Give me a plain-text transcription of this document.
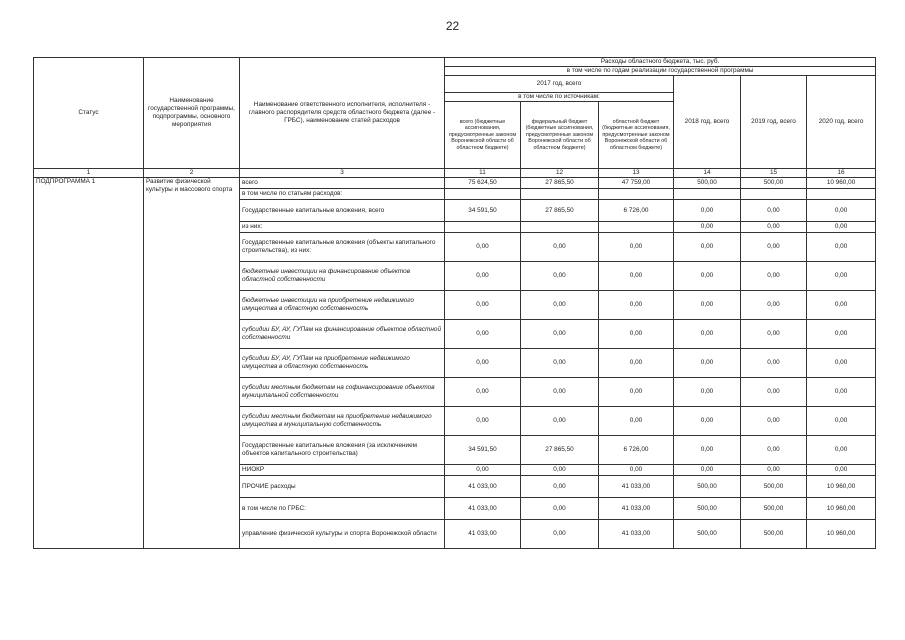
22
Статус	Наименование государственной программы, подпрограммы, основного мероприятия	Наименование ответственного исполнителя, исполнителя - главного распорядителя средств областного бюджета (далее - ГРБС), наименование статей расходов	Расходы областного бюджета, тыс. руб.					
			в том числе по годам реализации государственной программы					
			2017 год, всего			2018 год, всего	2019 год, всего	2020 год, всего
			в том числе по источникам:					
			всего (бюджетные ассигнования, предусмотренные законом Воронежской области об областном бюджете)	федеральный бюджет (бюджетные ассигнования, предусмотренные законом Воронежской области об областном бюджете)	областной бюджет (бюджетные ассигнования, предусмотренные законом Воронежской области об областном бюджете)			
1	2	3	11	12	13	14	15	16
ПОДПРОГРАММА 1	Развитие физической культуры и массового спорта	всего	75 624,50	27 865,50	47 759,00	500,00	500,00	10 960,00
		в том числе по статьям расходов:						
		Государственные капитальные вложения, всего	34 591,50	27 865,50	6 726,00	0,00	0,00	0,00
		из них:				0,00	0,00	0,00
		Государственные капитальные вложения (объекты капитального строительства), из них:	0,00	0,00	0,00	0,00	0,00	0,00
		бюджетные инвестиции на финансирование объектов областной собственности	0,00	0,00	0,00	0,00	0,00	0,00
		бюджетные инвестиции на приобретение недвижимого имущества в областную собственность	0,00	0,00	0,00	0,00	0,00	0,00
		субсидии БУ, АУ, ГУПам на финансирование объектов областной собственности	0,00	0,00	0,00	0,00	0,00	0,00
		субсидии БУ, АУ, ГУПам на приобретение недвижимого имущества в областную собственность	0,00	0,00	0,00	0,00	0,00	0,00
		субсидии местным бюджетам на софинансирование объектов муниципальной собственности	0,00	0,00	0,00	0,00	0,00	0,00
		субсидии местным бюджетам на приобретение недвижимого имущества в муниципальную собственность	0,00	0,00	0,00	0,00	0,00	0,00
		Государственные капитальные вложения (за исключением объектов капитального строительства)	34 591,50	27 865,50	6 726,00	0,00	0,00	0,00
		НИОКР	0,00	0,00	0,00	0,00	0,00	0,00
		ПРОЧИЕ расходы	41 033,00	0,00	41 033,00	500,00	500,00	10 960,00
		в том числе по ГРБС:	41 033,00	0,00	41 033,00	500,00	500,00	10 960,00
		управление физической культуры и спорта Воронежской области	41 033,00	0,00	41 033,00	500,00	500,00	10 960,00
